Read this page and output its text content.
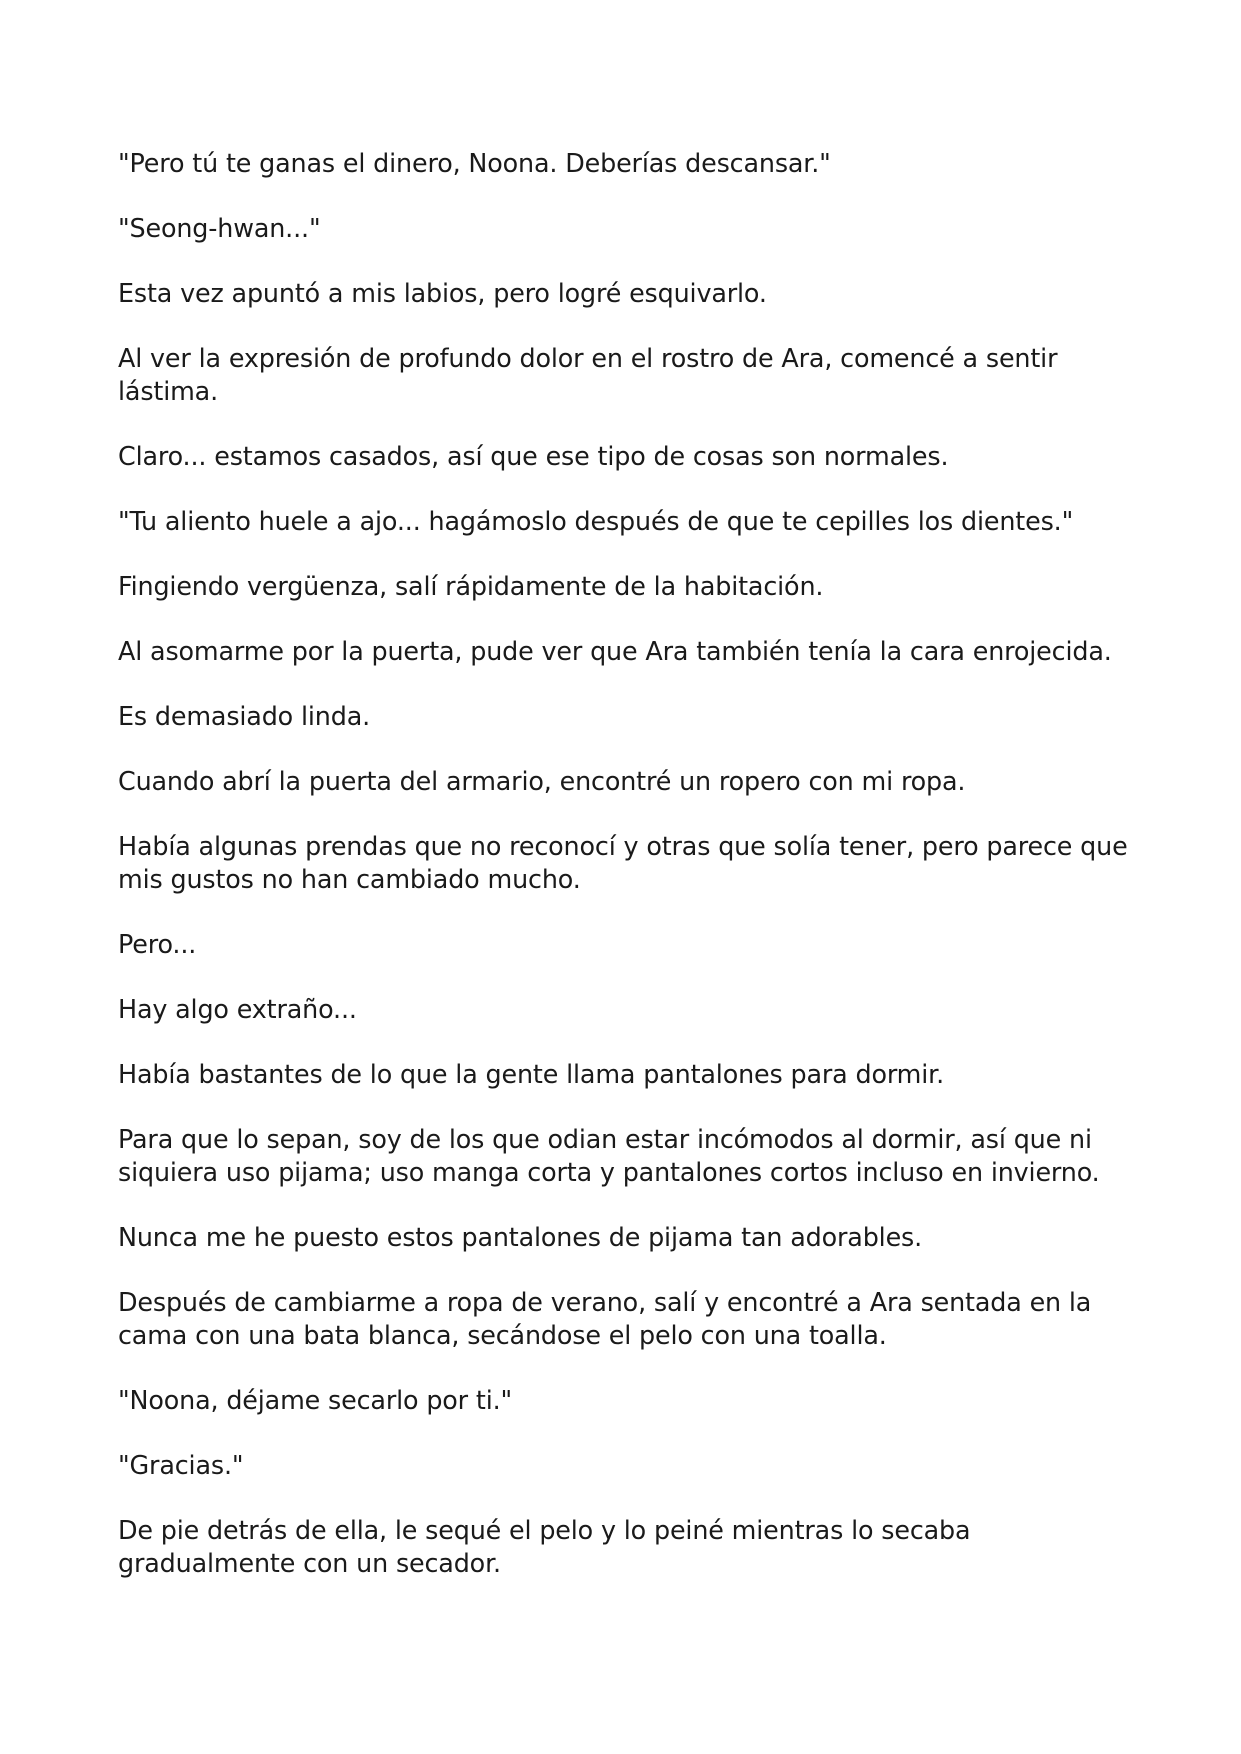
"Pero tú te ganas el dinero, Noona. Deberías descansar."

"Seong-hwan..."

Esta vez apuntó a mis labios, pero logré esquivarlo.

Al ver la expresión de profundo dolor en el rostro de Ara, comencé a sentir lástima.

Claro... estamos casados, así que ese tipo de cosas son normales.

"Tu aliento huele a ajo... hagámoslo después de que te cepilles los dientes."

Fingiendo vergüenza, salí rápidamente de la habitación.

Al asomarme por la puerta, pude ver que Ara también tenía la cara enrojecida.

Es demasiado linda.

Cuando abrí la puerta del armario, encontré un ropero con mi ropa.

Había algunas prendas que no reconocí y otras que solía tener, pero parece que mis gustos no han cambiado mucho.

Pero...

Hay algo extraño...

Había bastantes de lo que la gente llama pantalones para dormir.

Para que lo sepan, soy de los que odian estar incómodos al dormir, así que ni siquiera uso pijama; uso manga corta y pantalones cortos incluso en invierno.

Nunca me he puesto estos pantalones de pijama tan adorables.

Después de cambiarme a ropa de verano, salí y encontré a Ara sentada en la cama con una bata blanca, secándose el pelo con una toalla.

"Noona, déjame secarlo por ti."

"Gracias."

De pie detrás de ella, le sequé el pelo y lo peiné mientras lo secaba gradualmente con un secador.
